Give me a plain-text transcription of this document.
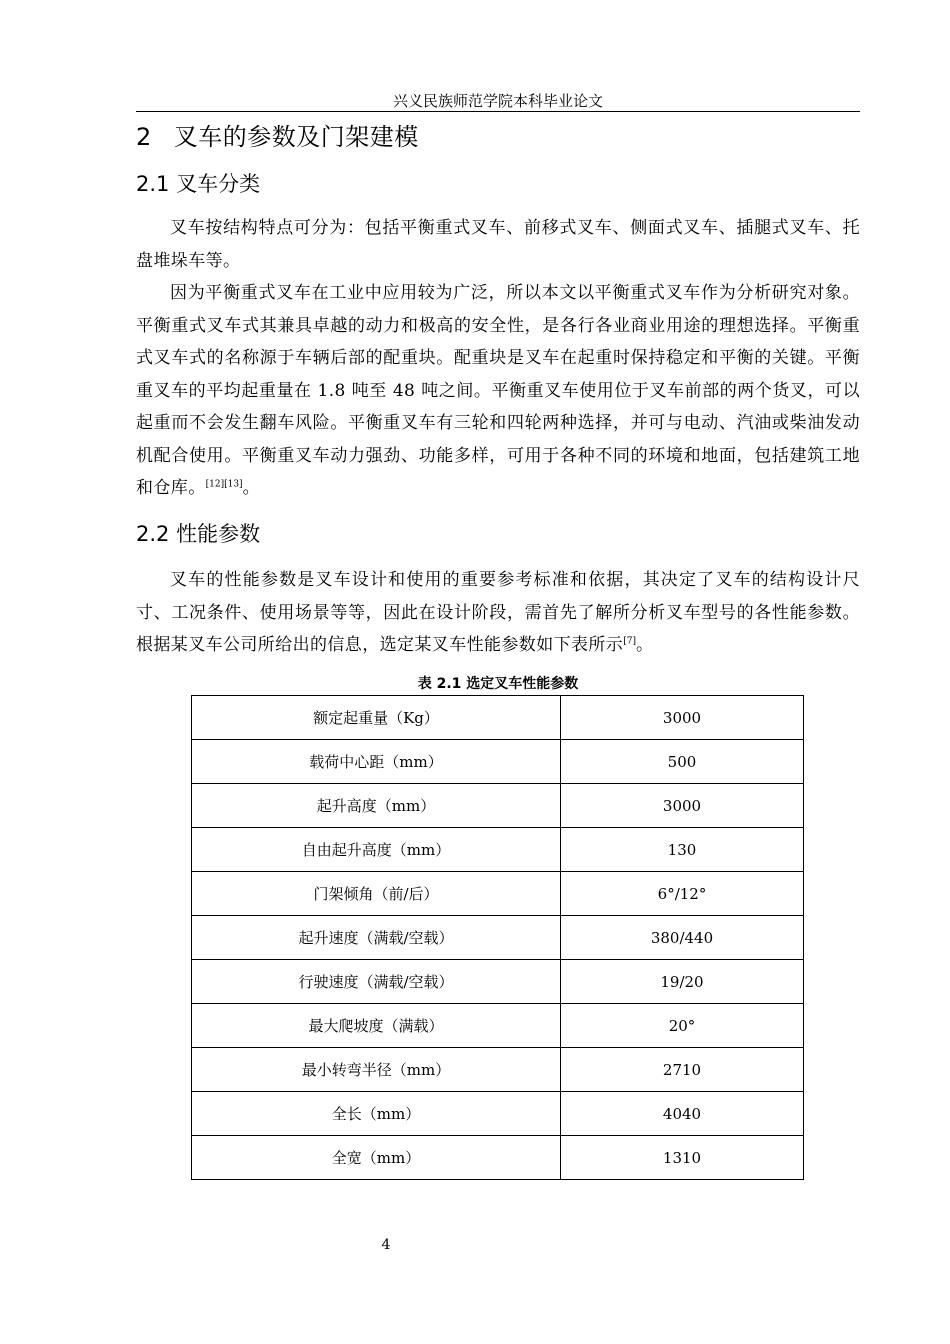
兴义民族师范学院本科毕业论文
2 叉车的参数及门架建模
2.1 叉车分类
叉车按结构特点可分为：包括平衡重式叉车、前移式叉车、侧面式叉车、插腿式叉车、托盘堆垛车等。
因为平衡重式叉车在工业中应用较为广泛，所以本文以平衡重式叉车作为分析研究对象。平衡重式叉车式其兼具卓越的动力和极高的安全性，是各行各业商业用途的理想选择。平衡重式叉车式的名称源于车辆后部的配重块。配重块是叉车在起重时保持稳定和平衡的关键。平衡重叉车的平均起重量在 1.8 吨至 48 吨之间。平衡重叉车使用位于叉车前部的两个货叉，可以起重而不会发生翻车风险。平衡重叉车有三轮和四轮两种选择，并可与电动、汽油或柴油发动机配合使用。平衡重叉车动力强劲、功能多样，可用于各种不同的环境和地面，包括建筑工地和仓库。[12][13]。
2.2 性能参数
叉车的性能参数是叉车设计和使用的重要参考标准和依据，其决定了叉车的结构设计尺寸、工况条件、使用场景等等，因此在设计阶段，需首先了解所分析叉车型号的各性能参数。根据某叉车公司所给出的信息，选定某叉车性能参数如下表所示[7]。
表 2.1 选定叉车性能参数
额定起重量（Kg）	3000
载荷中心距（mm）	500
起升高度（mm）	3000
自由起升高度（mm）	130
门架倾角（前/后）	6°/12°
起升速度（满载/空载）	380/440
行驶速度（满载/空载）	19/20
最大爬坡度（满载）	20°
最小转弯半径（mm）	2710
全长（mm）	4040
全宽（mm）	1310
4
